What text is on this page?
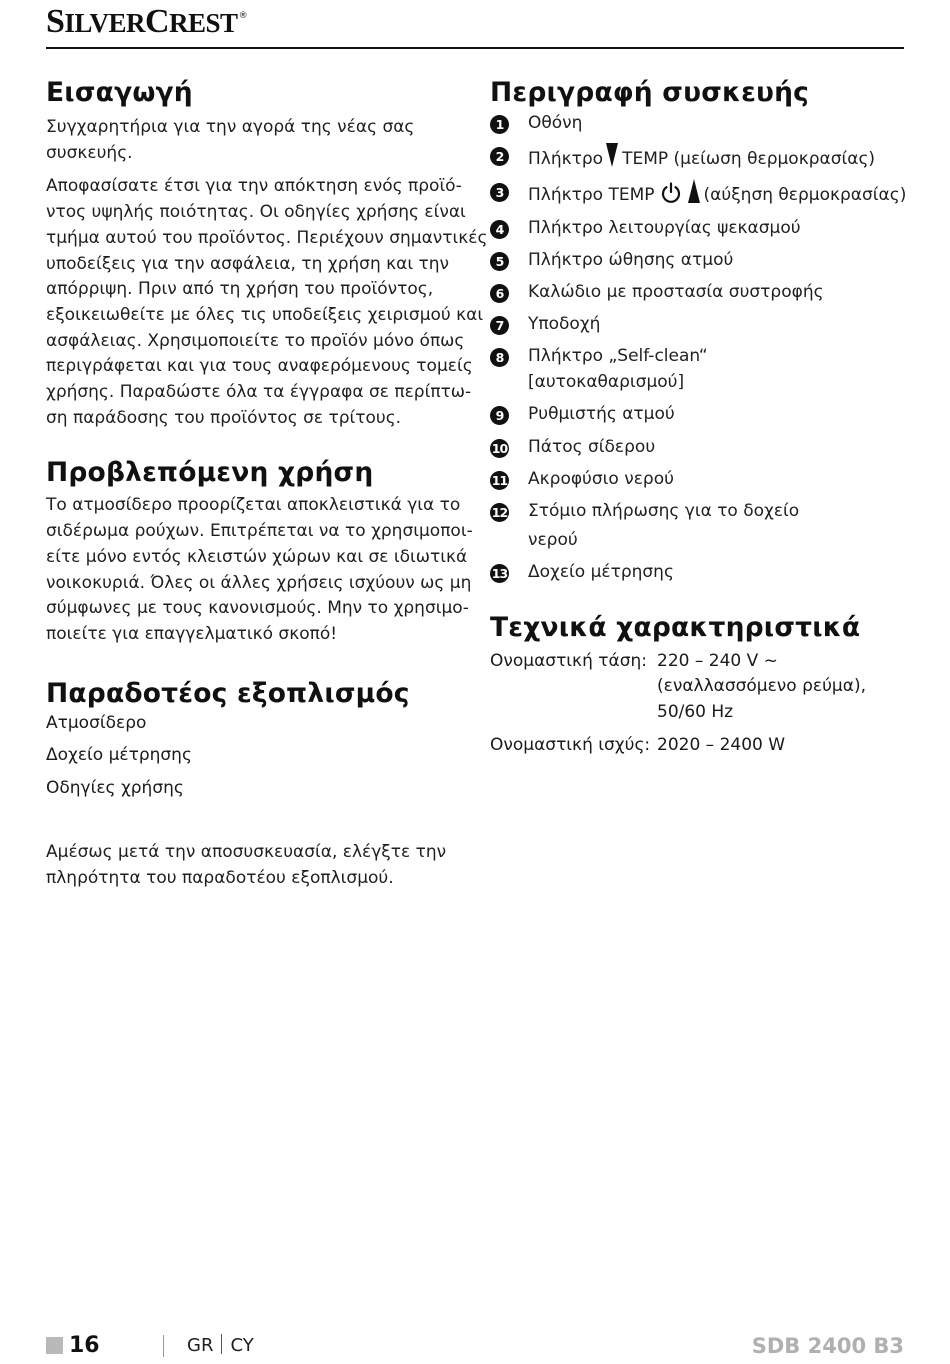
SILVERCREST®
Εισαγωγή

Συγχαρητήρια για την αγορά της νέας σας

συσκευής.

Αποφασίσατε έτσι για την απόκτηση ενός προϊό-

ντος υψηλής ποιότητας. Οι οδηγίες χρήσης είναι

τμήμα αυτού του προϊόντος. Περιέχουν σημαντικές

υποδείξεις για την ασφάλεια, τη χρήση και την

απόρριψη. Πριν από τη χρήση του προϊόντος,

εξοικειωθείτε με όλες τις υποδείξεις χειρισμού και

ασφάλειας. Χρησιμοποιείτε το προϊόν μόνο όπως

περιγράφεται και για τους αναφερόμενους τομείς

χρήσης. Παραδώστε όλα τα έγγραφα σε περίπτω-

ση παράδοσης του προϊόντος σε τρίτους.

Προβλεπόμενη χρήση

Το ατμοσίδερο προορίζεται αποκλειστικά για το

σιδέρωμα ρούχων. Επιτρέπεται να το χρησιμοποι-

είτε μόνο εντός κλειστών χώρων και σε ιδιωτικά

νοικοκυριά. Όλες οι άλλες χρήσεις ισχύουν ως μη

σύμφωνες με τους κανονισμούς. Μην το χρησιμο-

ποιείτε για επαγγελματικό σκοπό!

Παραδοτέος εξοπλισμός
Ατμοσίδερο
Δοχείο μέτρησης
Οδηγίες χρήσης

Αμέσως μετά την αποσυσκευασία, ελέγξτε την

πληρότητα του παραδοτέου εξοπλισμού.

Περιγραφή συσκευής
1	Οθόνη
2	Πλήκτρο TEMP (μείωση θερμοκρασίας)
3	Πλήκτρο TEMP	(αύξηση θερμοκρασίας)
4	Πλήκτρο λειτουργίας ψεκασμού
5	Πλήκτρο ώθησης ατμού
6	Καλώδιο με προστασία συστροφής
7	Υποδοχή
8	Πλήκτρο „Self-clean“
[αυτοκαθαρισμού]
9	Ρυθμιστής ατμού
10 Πάτος σίδερου
11 Ακροφύσιο νερού
12 Στόμιο πλήρωσης για το δοχείο
νερού
13 Δοχείο μέτρησης
Τεχνικά χαρακτηριστικά
Ονομαστική τάση: 220 – 240 V ~
(εναλλασσόμενο ρεύμα),
50/60 Hz
Ονομαστική ισχύς: 2020 – 2400 W
16	GR CY	SDB 2400 B3
